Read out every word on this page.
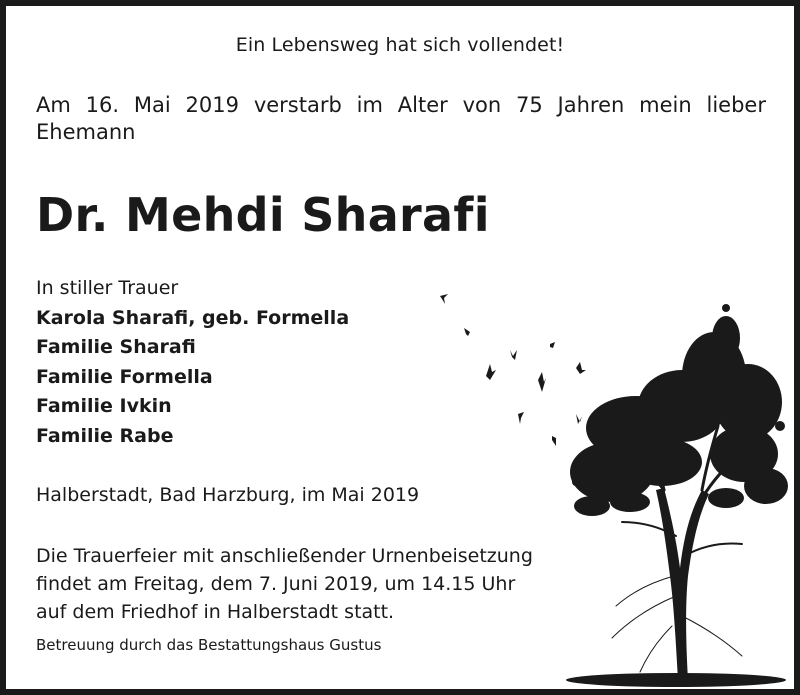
Ein Lebensweg hat sich vollendet!

Am 16. Mai 2019 verstarb im Alter von 75 Jahren mein lieber Ehemann

Dr. Mehdi Sharafi

In stiller Trauer
Karola Sharafi, geb. Formella
Familie Sharafi
Familie Formella
Familie Ivkin
Familie Rabe

Halberstadt, Bad Harzburg, im Mai 2019

Die Trauerfeier mit anschließender Urnenbeisetzung
findet am Freitag, dem 7. Juni 2019, um 14.15 Uhr
auf dem Friedhof in Halberstadt statt.

Betreuung durch das Bestattungshaus Gustus
